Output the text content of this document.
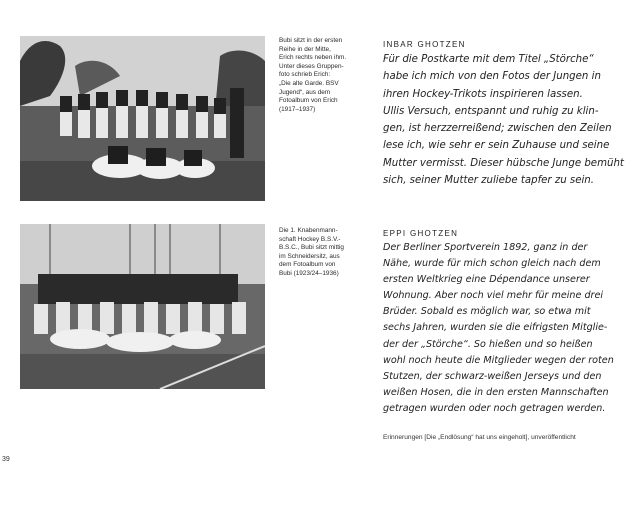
Bubi sitzt in der ersten

Reihe in der Mitte,

Erich rechts neben ihm.

Unter dieses Gruppen-

foto schrieb Erich:

„Die alte Garde. BSV

Jugend“, aus dem

Fotoalbum von Erich

(1917–1937)

INBAR GHOTZEN
Für die Postkarte mit dem Titel „Störche“
habe ich mich von den Fotos der Jungen in
ihren Hockey-Trikots inspirieren lassen.
Ullis Versuch, entspannt und ruhig zu klin-
gen, ist herzzerreißend; zwischen den Zeilen
lese ich, wie sehr er sein Zuhause und seine
Mutter vermisst. Dieser hübsche Junge bemüht
sich, seiner Mutter zuliebe tapfer zu sein.

Die 1. Knabenmann-

schaft Hockey B.S.V.-

B.S.C., Bubi sitzt mittig

im Schneidersitz, aus

dem Fotoalbum von

Bubi (1923/24–1936)

EPPI GHOTZEN
Der Berliner Sportverein 1892, ganz in der
Nähe, wurde für mich schon gleich nach dem
ersten Weltkrieg eine Dépendance unserer
Wohnung. Aber noch viel mehr für meine drei
Brüder. Sobald es möglich war, so etwa mit
sechs Jahren, wurden sie die eifrigsten Mitglie-
der der „Störche“. So hießen und so heißen
wohl noch heute die Mitglieder wegen der roten
Stutzen, der schwarz-weißen Jerseys und den
weißen Hosen, die in den ersten Mannschaften
getragen wurden oder noch getragen werden.
Erinnerungen [Die „Endlösung“ hat uns eingeholt], unveröffentlicht
39
